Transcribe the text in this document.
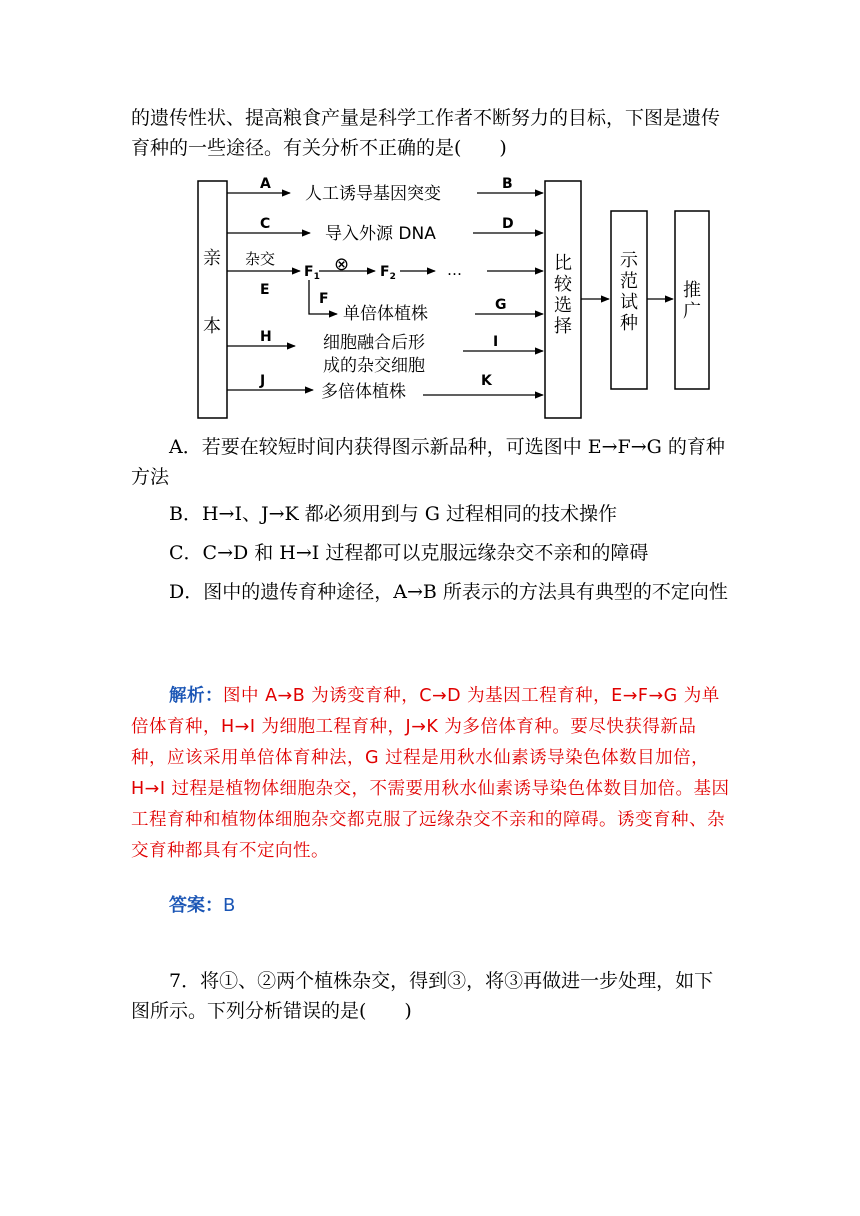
的遗传性状、提高粮食产量是科学工作者不断努力的目标，下图是遗传育种的一些途径。有关分析不正确的是(　　)

亲
本
比
较
选
择
示
范
试
种
推
广
A 人工诱导基因突变	B
C	导入外源 DNA	D
杂交
E
$F_1$
⊗ $F_2$	…
F
单倍体植株	G
H	细胞融合后形
成的杂交细胞
I
J
多倍体植株
K

A．若要在较短时间内获得图示新品种，可选图中 E→F→G 的育种方法

B．H→I、J→K 都必须用到与 G 过程相同的技术操作

C．C→D 和 H→I 过程都可以克服远缘杂交不亲和的障碍

D．图中的遗传育种途径，A→B 所表示的方法具有典型的不定向性

解析：图中 A→B 为诱变育种，C→D 为基因工程育种，E→F→G 为单倍体育种，H→I 为细胞工程育种，J→K 为多倍体育种。要尽快获得新品种，应该采用单倍体育种法，G 过程是用秋水仙素诱导染色体数目加倍，H→I 过程是植物体细胞杂交，不需要用秋水仙素诱导染色体数目加倍。基因工程育种和植物体细胞杂交都克服了远缘杂交不亲和的障碍。诱变育种、杂交育种都具有不定向性。

答案：B

7．将①、②两个植株杂交，得到③，将③再做进一步处理，如下图所示。下列分析错误的是(　　)
